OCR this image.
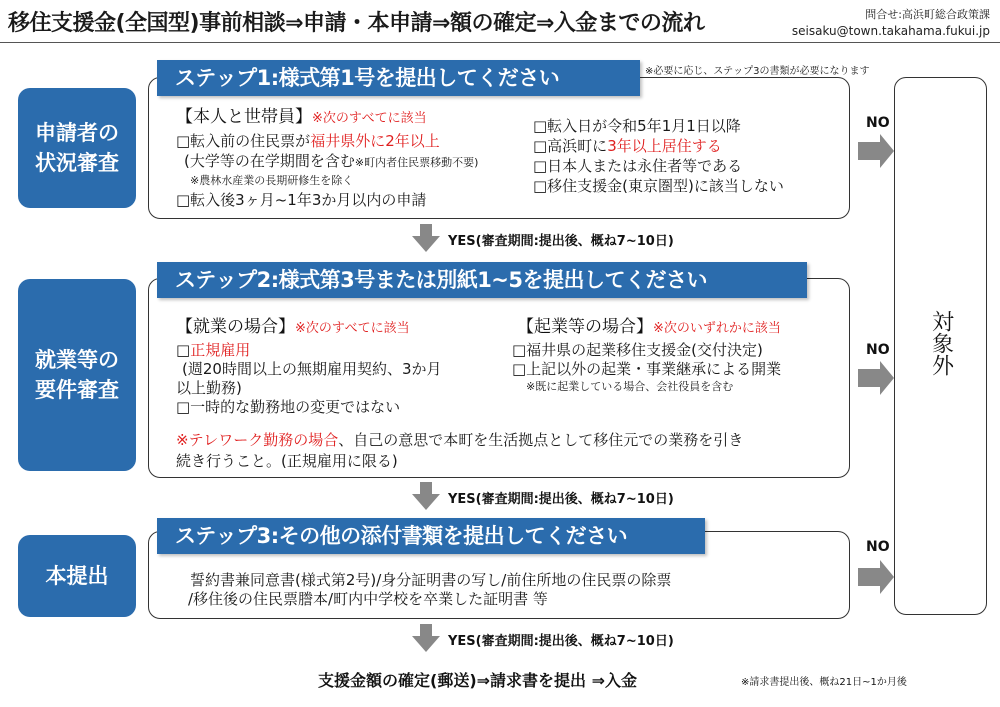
移住支援金(全国型)事前相談⇒申請・本申請⇒額の確定⇒入金までの流れ	問合せ:高浜町総合政策課
seisaku@town.takahama.fukui.jp
対象外
申請者の
状況審査
ステップ1:様式第1号を提出してください	※必要に応じ、ステップ3の書類が必要になります
【本人と世帯員】※次のすべてに該当
□転入前の住民票が福井県外に2年以上
(大学等の在学期間を含む※町内者住民票移動不要)
※農林水産業の長期研修生を除く
□転入後3ヶ月~1年3か月以内の申請
□転入日が令和5年1月1日以降
□高浜町に3年以上居住する
□日本人または永住者等である
□移住支援金(東京圏型)に該当しない
就業等の
要件審査
ステップ2:様式第3号または別紙1~5を提出してください
【就業の場合】※次のすべてに該当
□正規雇用
(週20時間以上の無期雇用契約、3か月
以上勤務)
□一時的な勤務地の変更ではない
【起業等の場合】※次のいずれかに該当
□福井県の起業移住支援金(交付決定)
□上記以外の起業・事業継承による開業
※既に起業している場合、会社役員を含む
※テレワーク勤務の場合、自己の意思で本町を生活拠点として移住元での業務を引き
続き行うこと。(正規雇用に限る)
本提出
ステップ3:その他の添付書類を提出してください
誓約書兼同意書(様式第2号)/身分証明書の写し/前住所地の住民票の除票
/移住後の住民票謄本/町内中学校を卒業した証明書 等
NO
NO
NO
YES(審査期間:提出後、概ね7~10日)
YES(審査期間:提出後、概ね7~10日)
YES(審査期間:提出後、概ね7~10日)
支援金額の確定(郵送)⇒請求書を提出 ⇒入金	※請求書提出後、概ね21日~1か月後
